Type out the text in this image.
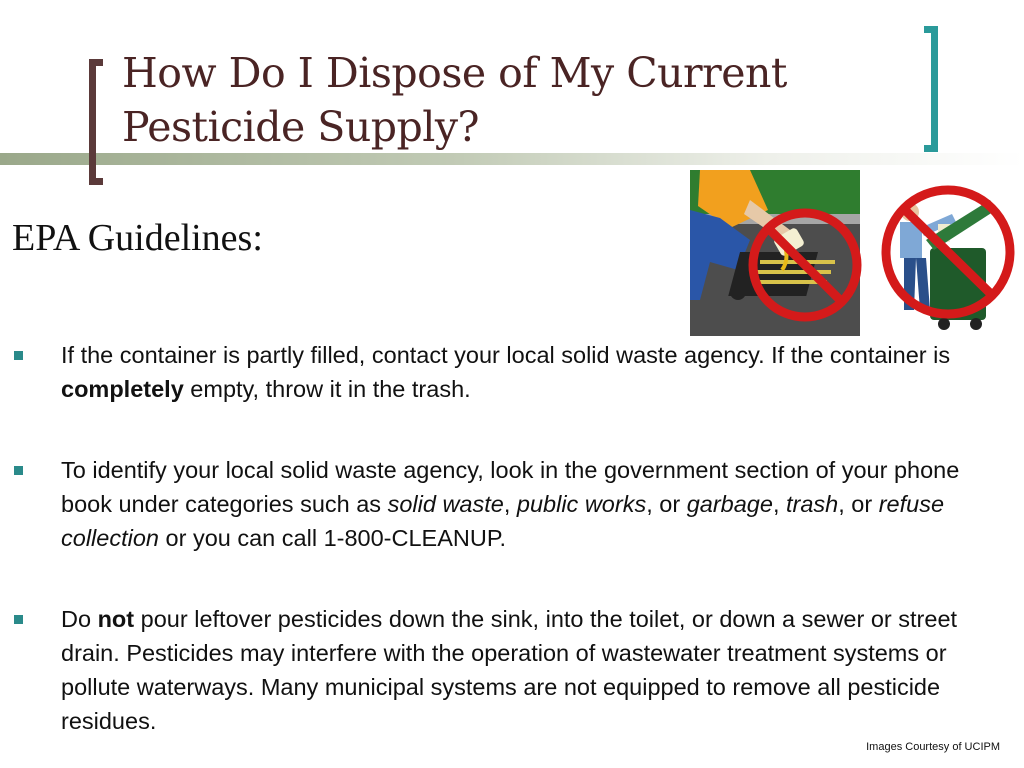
How Do I Dispose of My Current
Pesticide Supply?
EPA Guidelines:
If the container is partly filled, contact your local solid waste agency. If the container is completely empty, throw it in the trash.
To identify your local solid waste agency, look in the government section of your phone book under categories such as solid waste, public works, or garbage, trash, or refuse collection or you can call 1-800-CLEANUP.
Do not pour leftover pesticides down the sink, into the toilet, or down a sewer or street drain. Pesticides may interfere with the operation of wastewater treatment systems or pollute waterways. Many municipal systems are not equipped to remove all pesticide residues.
Images Courtesy of UCIPM
